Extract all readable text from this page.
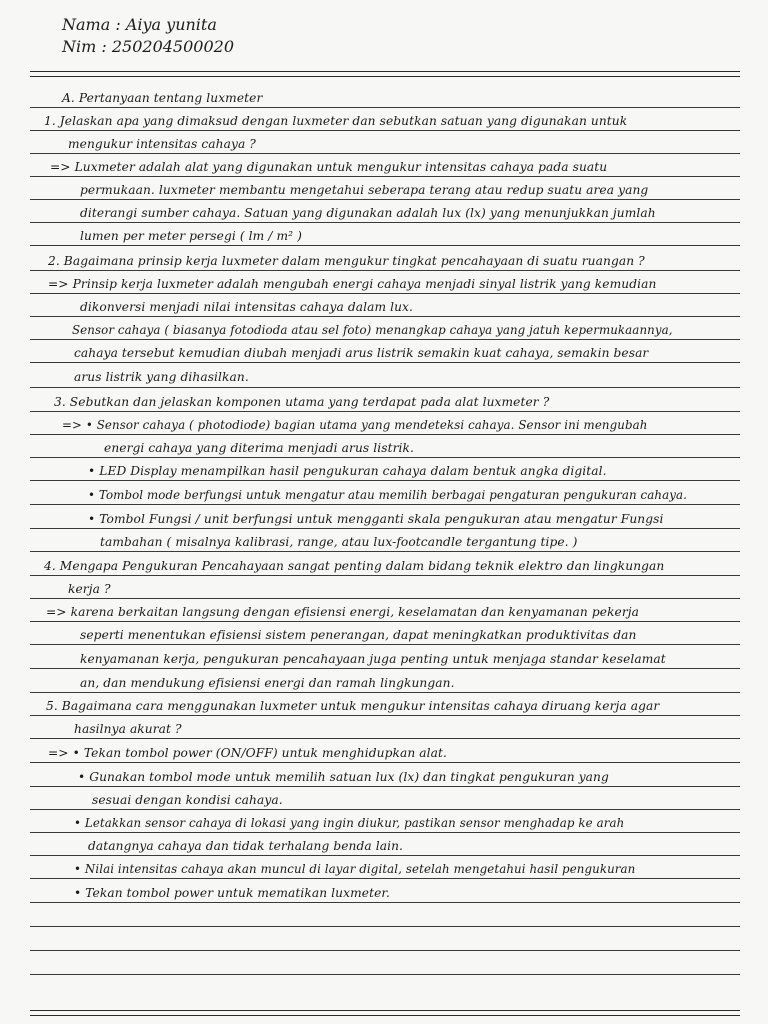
Nama : Aiya yunita
Nim : 250204500020
A. Pertanyaan tentang luxmeter
1. Jelaskan apa yang dimaksud dengan luxmeter dan sebutkan satuan yang digunakan untuk
mengukur intensitas cahaya ?
=> Luxmeter adalah alat yang digunakan untuk mengukur intensitas cahaya pada suatu
permukaan. luxmeter membantu mengetahui seberapa terang atau redup suatu area yang
diterangi sumber cahaya. Satuan yang digunakan adalah lux (lx) yang menunjukkan jumlah
lumen per meter persegi ( lm / m² )
2. Bagaimana prinsip kerja luxmeter dalam mengukur tingkat pencahayaan di suatu ruangan ?
=> Prinsip kerja luxmeter adalah mengubah energi cahaya menjadi sinyal listrik yang kemudian
dikonversi menjadi nilai intensitas cahaya dalam lux.
Sensor cahaya ( biasanya fotodioda atau sel foto) menangkap cahaya yang jatuh kepermukaannya,
cahaya tersebut kemudian diubah menjadi arus listrik semakin kuat cahaya, semakin besar
arus listrik yang dihasilkan.
3. Sebutkan dan jelaskan komponen utama yang terdapat pada alat luxmeter ?
=> • Sensor cahaya ( photodiode) bagian utama yang mendeteksi cahaya. Sensor ini mengubah
energi cahaya yang diterima menjadi arus listrik.
• LED Display menampilkan hasil pengukuran cahaya dalam bentuk angka digital.
• Tombol mode berfungsi untuk mengatur atau memilih berbagai pengaturan pengukuran cahaya.
• Tombol Fungsi / unit berfungsi untuk mengganti skala pengukuran atau mengatur Fungsi
tambahan ( misalnya kalibrasi, range, atau lux-footcandle tergantung tipe. )
4. Mengapa Pengukuran Pencahayaan sangat penting dalam bidang teknik elektro dan lingkungan
kerja ?
=> karena berkaitan langsung dengan efisiensi energi, keselamatan dan kenyamanan pekerja
seperti menentukan efisiensi sistem penerangan, dapat meningkatkan produktivitas dan
kenyamanan kerja, pengukuran pencahayaan juga penting untuk menjaga standar keselamat
an, dan mendukung efisiensi energi dan ramah lingkungan.
5. Bagaimana cara menggunakan luxmeter untuk mengukur intensitas cahaya diruang kerja agar
hasilnya akurat ?
=> • Tekan tombol power (ON/OFF) untuk menghidupkan alat.
• Gunakan tombol mode untuk memilih satuan lux (lx) dan tingkat pengukuran yang
sesuai dengan kondisi cahaya.
• Letakkan sensor cahaya di lokasi yang ingin diukur, pastikan sensor menghadap ke arah
datangnya cahaya dan tidak terhalang benda lain.
• Nilai intensitas cahaya akan muncul di layar digital, setelah mengetahui hasil pengukuran
• Tekan tombol power untuk mematikan luxmeter.
